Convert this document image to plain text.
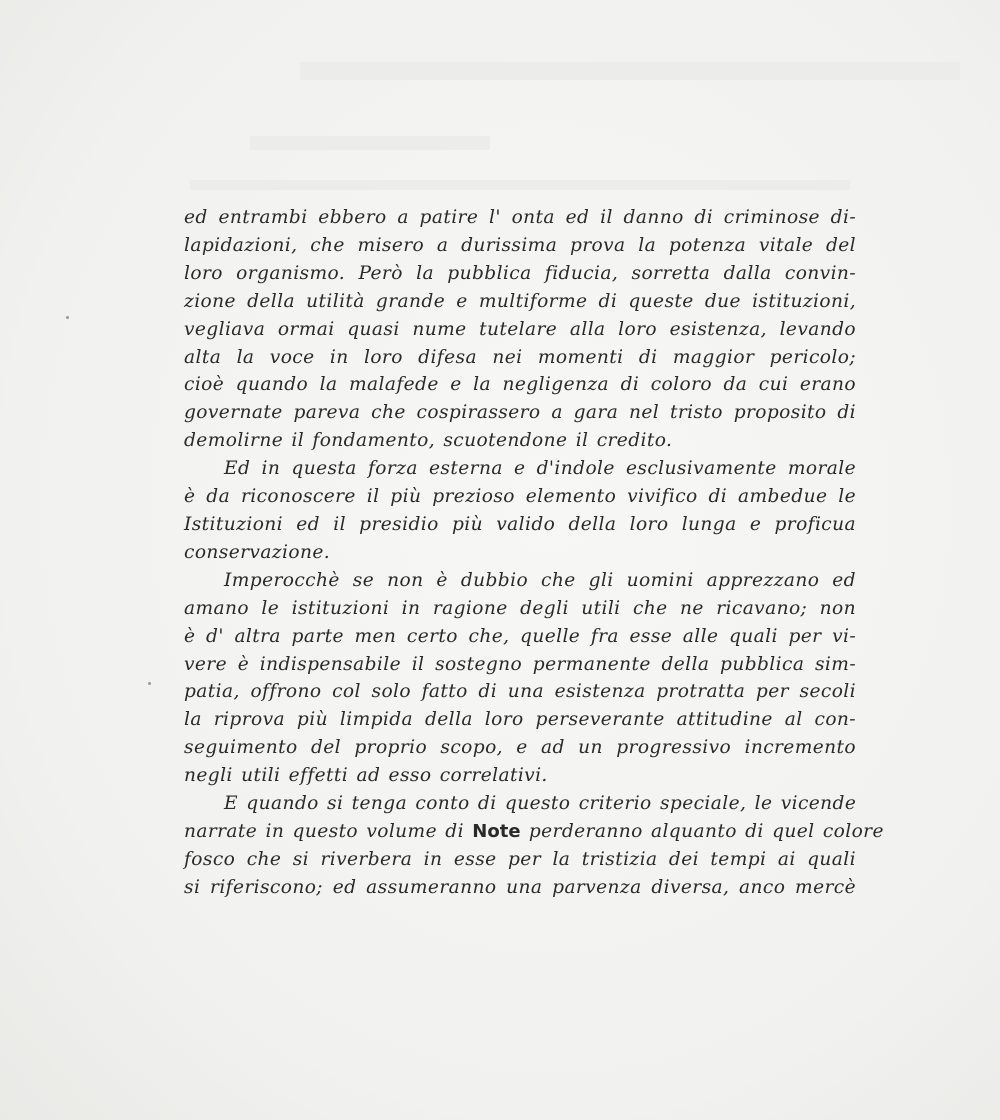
ed entrambi ebbero a patire l' onta ed il danno di criminose di-
lapidazioni, che misero a durissima prova la potenza vitale del
loro organismo. Però la pubblica fiducia, sorretta dalla convin-
zione della utilità grande e multiforme di queste due istituzioni,
vegliava ormai quasi nume tutelare alla loro esistenza, levando
alta la voce in loro difesa nei momenti di maggior pericolo;
cioè quando la malafede e la negligenza di coloro da cui erano
governate pareva che cospirassero a gara nel tristo proposito di
demolirne il fondamento, scuotendone il credito.
Ed in questa forza esterna e d'indole esclusivamente morale
è da riconoscere il più prezioso elemento vivifico di ambedue le
Istituzioni ed il presidio più valido della loro lunga e proficua
conservazione.
Imperocchè se non è dubbio che gli uomini apprezzano ed
amano le istituzioni in ragione degli utili che ne ricavano; non
è d' altra parte men certo che, quelle fra esse alle quali per vi-
vere è indispensabile il sostegno permanente della pubblica sim-
patia, offrono col solo fatto di una esistenza protratta per secoli
la riprova più limpida della loro perseverante attitudine al con-
seguimento del proprio scopo, e ad un progressivo incremento
negli utili effetti ad esso correlativi.
E quando si tenga conto di questo criterio speciale, le vicende
narrate in questo volume di Note perderanno alquanto di quel colore
fosco che si riverbera in esse per la tristizia dei tempi ai quali
si riferiscono; ed assumeranno una parvenza diversa, anco mercè
